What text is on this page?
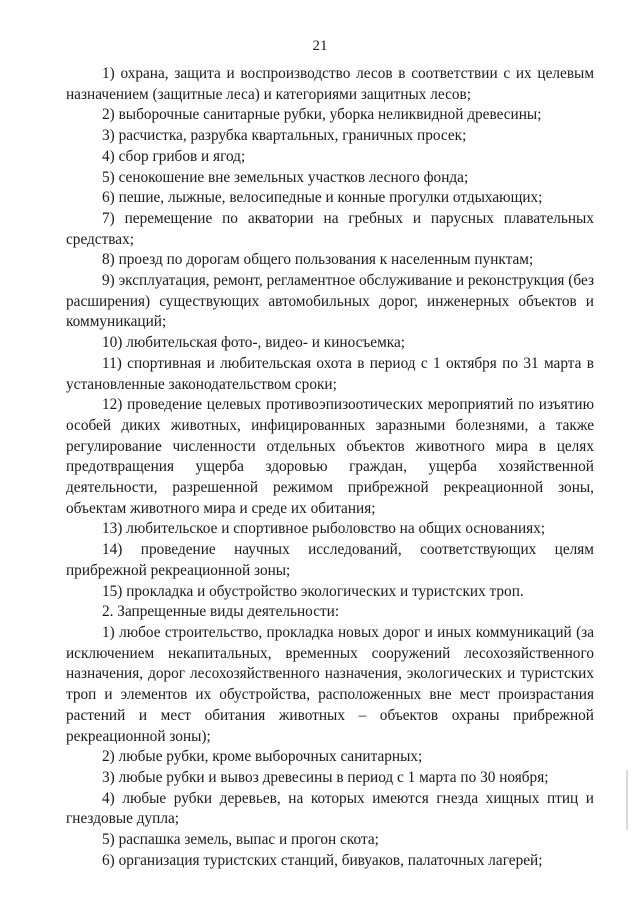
21

1) охрана, защита и воспроизводство лесов в соответствии с их целевым назначением (защитные леса) и категориями защитных лесов;

2) выборочные санитарные рубки, уборка неликвидной древесины;

3) расчистка, разрубка квартальных, граничных просек;

4) сбор грибов и ягод;

5) сенокошение вне земельных участков лесного фонда;

6) пешие, лыжные, велосипедные и конные прогулки отдыхающих;

7) перемещение по акватории на гребных и парусных плавательных средствах;

8) проезд по дорогам общего пользования к населенным пунктам;

9) эксплуатация, ремонт, регламентное обслуживание и реконструкция (без расширения) существующих автомобильных дорог, инженерных объектов и коммуникаций;

10) любительская фото-, видео- и киносъемка;

11) спортивная и любительская охота в период с 1 октября по 31 марта в установленные законодательством сроки;

12) проведение целевых противоэпизоотических мероприятий по изъятию особей диких животных, инфицированных заразными болезнями, а также регулирование численности отдельных объектов животного мира в целях предотвращения ущерба здоровью граждан, ущерба хозяйственной деятельности, разрешенной режимом прибрежной рекреационной зоны, объектам животного мира и среде их обитания;

13) любительское и спортивное рыболовство на общих основаниях;

14) проведение научных исследований, соответствующих целям прибрежной рекреационной зоны;

15) прокладка и обустройство экологических и туристских троп.

2. Запрещенные виды деятельности:

1) любое строительство, прокладка новых дорог и иных коммуникаций (за исключением некапитальных, временных сооружений лесохозяйственного назначения, дорог лесохозяйственного назначения, экологических и туристских троп и элементов их обустройства, расположенных вне мест произрастания растений и мест обитания животных – объектов охраны прибрежной рекреационной зоны);

2) любые рубки, кроме выборочных санитарных;

3) любые рубки и вывоз древесины в период с 1 марта по 30 ноября;

4) любые рубки деревьев, на которых имеются гнезда хищных птиц и гнездовые дупла;

5) распашка земель, выпас и прогон скота;

6) организация туристских станций, бивуаков, палаточных лагерей;
